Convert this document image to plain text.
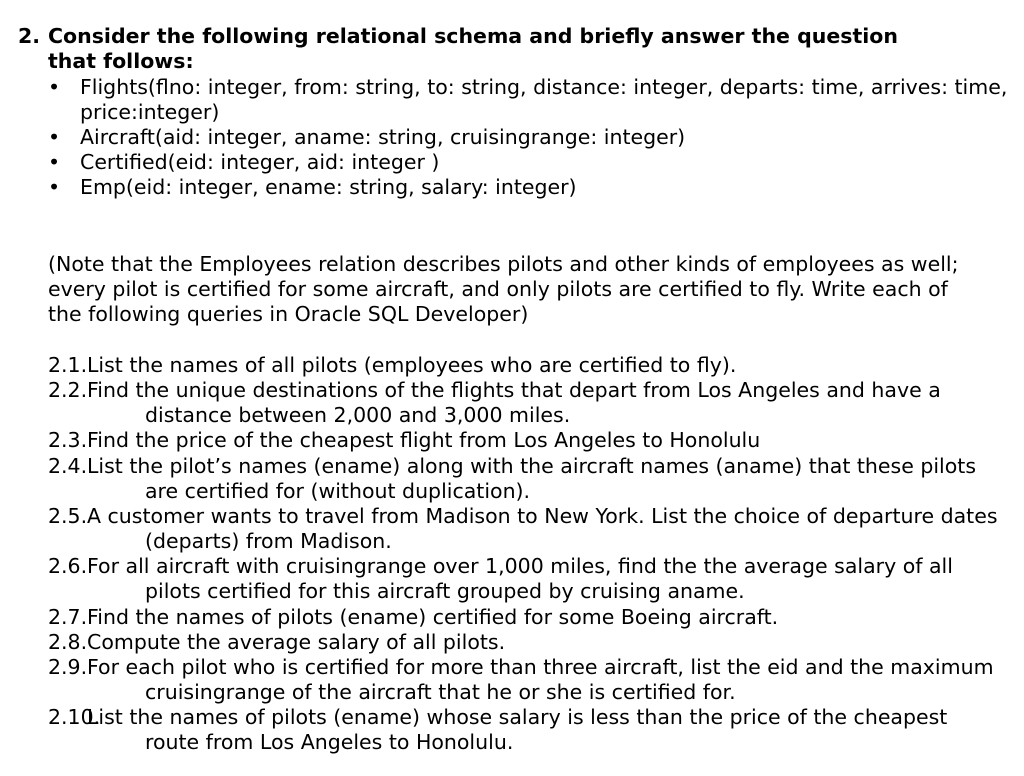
2. Consider the following relational schema and briefly answer the question
that follows:
• Flights(flno: integer, from: string, to: string, distance: integer, departs: time, arrives: time, price:integer)
• Aircraft(aid: integer, aname: string, cruisingrange: integer)
• Certified(eid: integer, aid: integer )
• Emp(eid: integer, ename: string, salary: integer)
(Note that the Employees relation describes pilots and other kinds of employees as well; every pilot is certified for some aircraft, and only pilots are certified to fly. Write each of the following queries in Oracle SQL Developer)
2.1. List the names of all pilots (employees who are certified to fly).
2.2. Find the unique destinations of the flights that depart from Los Angeles and have a distance between 2,000 and 3,000 miles.
2.3. Find the price of the cheapest flight from Los Angeles to Honolulu
2.4. List the pilot’s names (ename) along with the aircraft names (aname) that these pilots are certified for (without duplication).
2.5. A customer wants to travel from Madison to New York. List the choice of departure dates (departs) from Madison.
2.6. For all aircraft with cruisingrange over 1,000 miles, find the the average salary of all pilots certified for this aircraft grouped by cruising aname.
2.7. Find the names of pilots (ename) certified for some Boeing aircraft.
2.8. Compute the average salary of all pilots.
2.9. For each pilot who is certified for more than three aircraft, list the eid and the maximum cruisingrange of the aircraft that he or she is certified for.
2.10.
List the names of pilots (ename) whose salary is less than the price of the cheapest route from Los Angeles to Honolulu.
